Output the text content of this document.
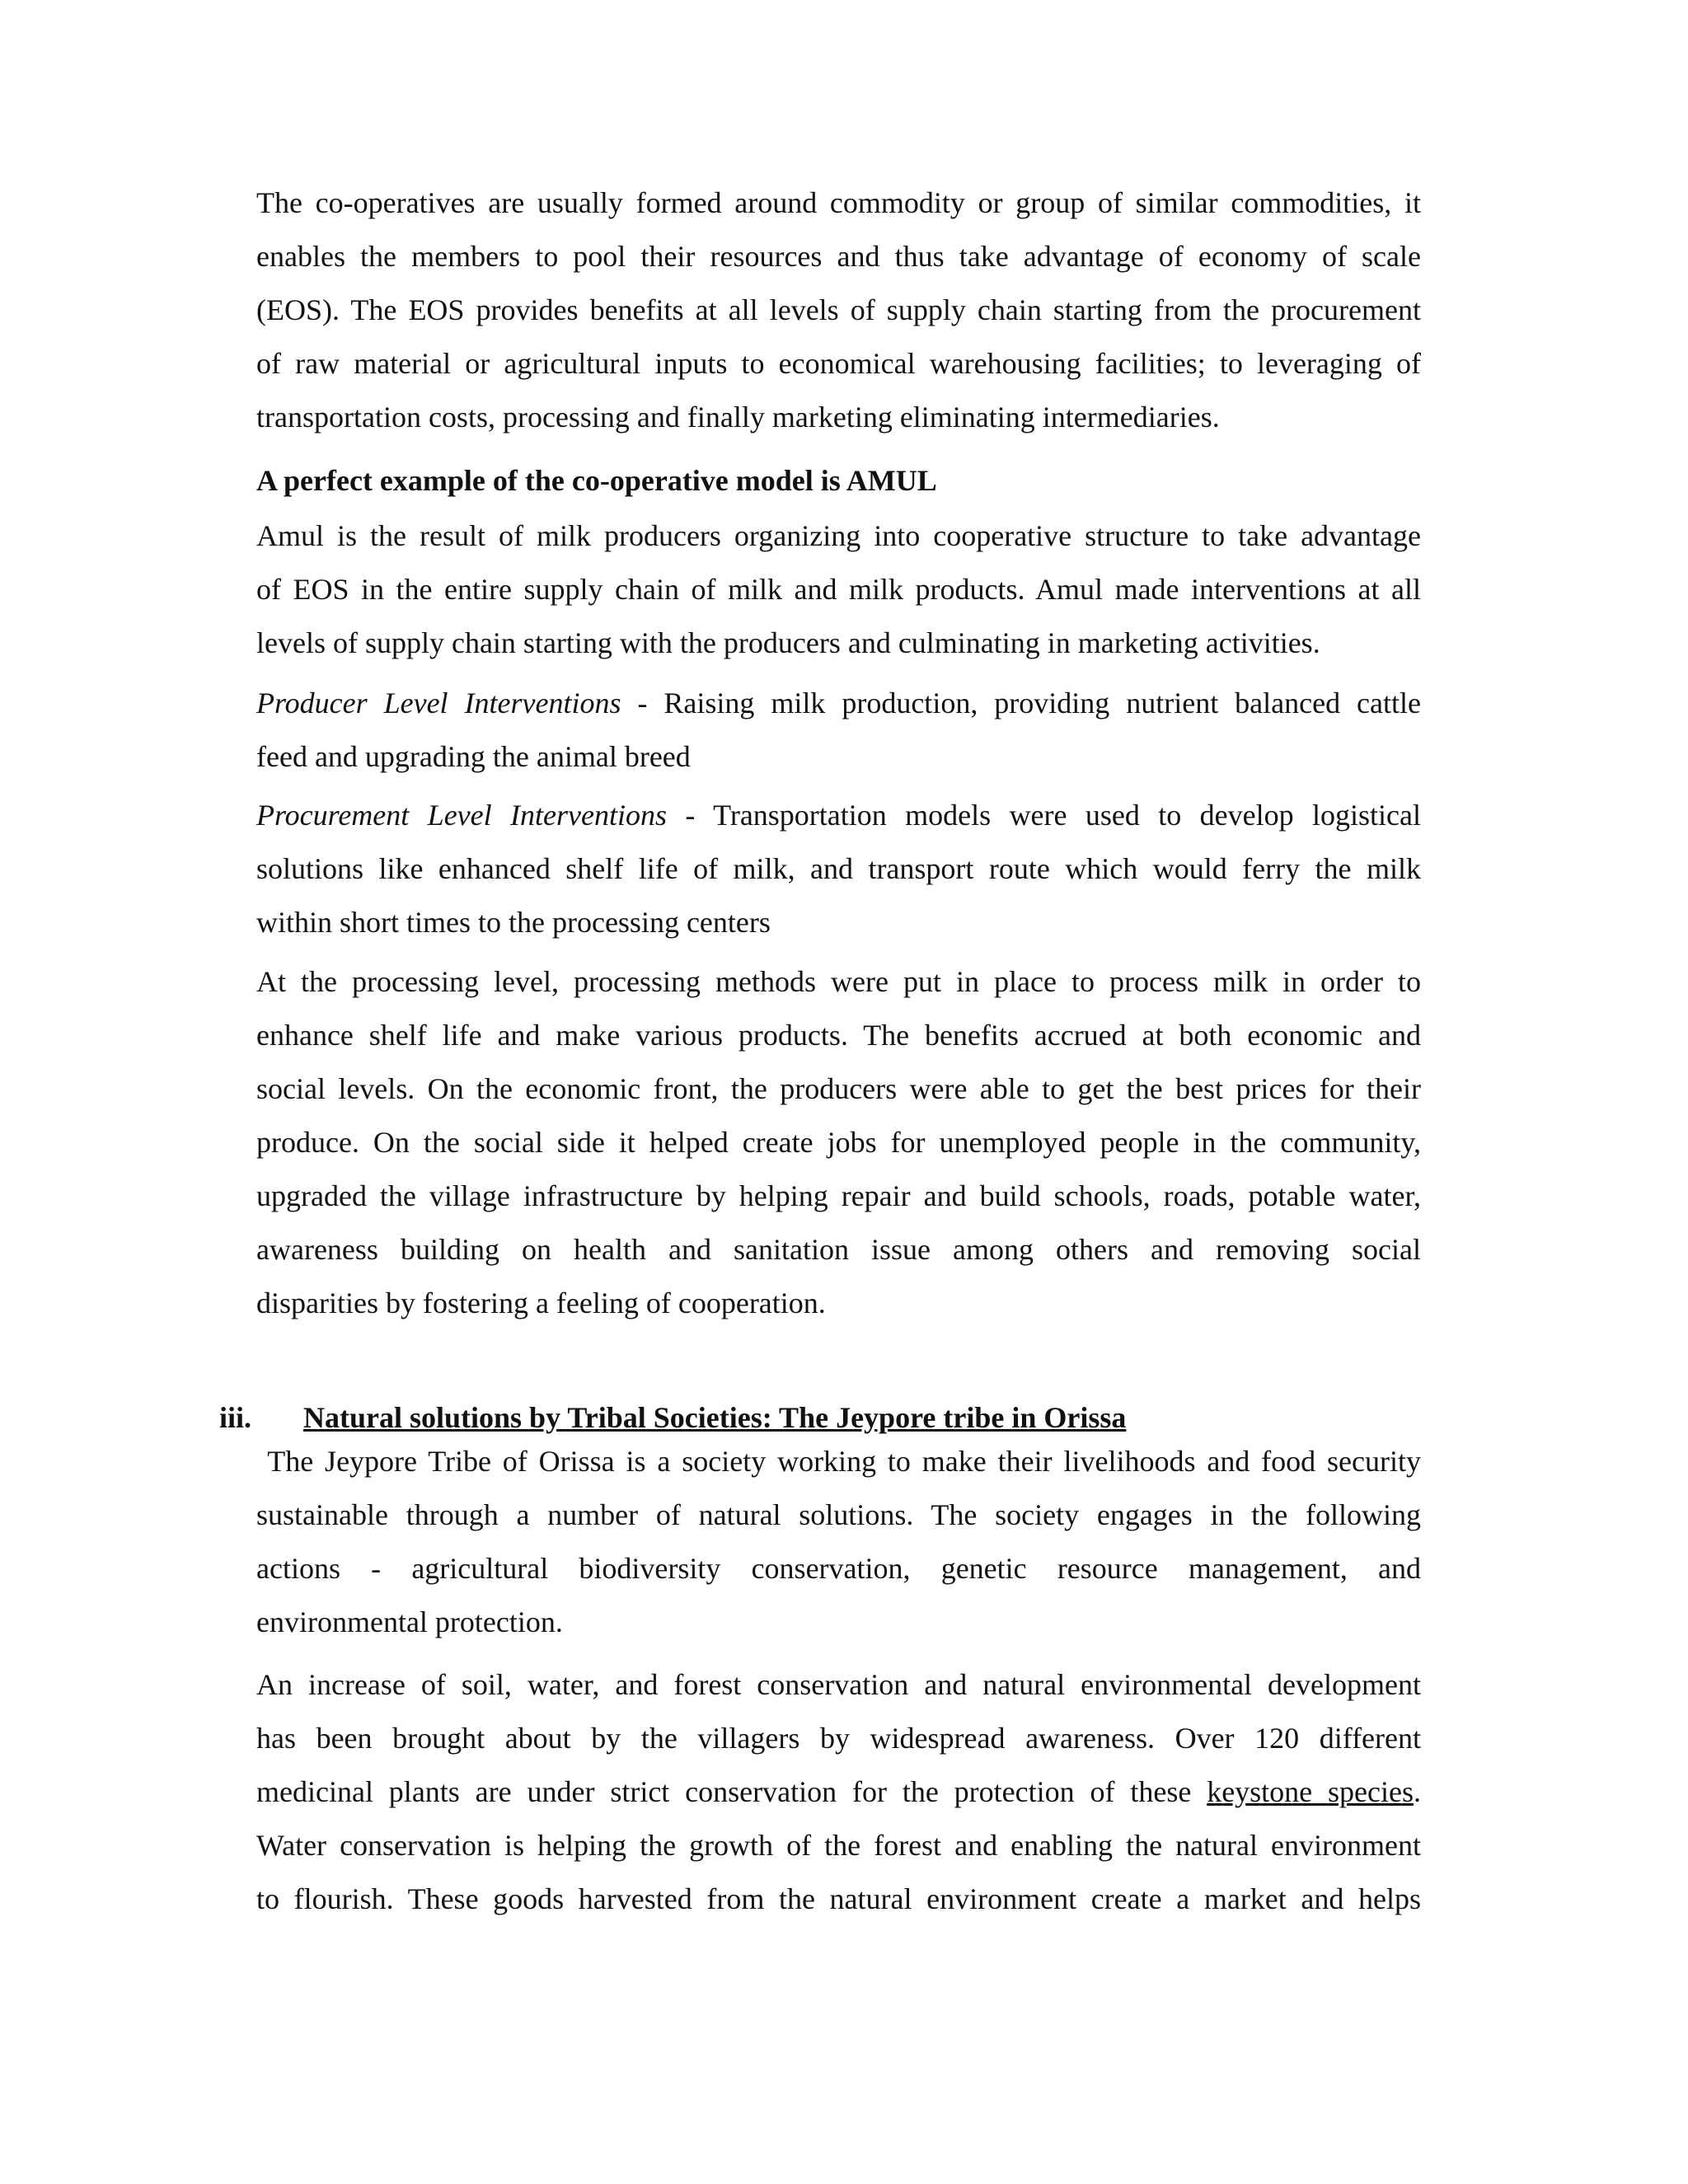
The co-operatives are usually formed around commodity or group of similar commodities, it
enables the members to pool their resources and thus take advantage of economy of scale
(EOS). The EOS provides benefits at all levels of supply chain starting from the procurement
of raw material or agricultural inputs to economical warehousing facilities; to leveraging of
transportation costs, processing and finally marketing eliminating intermediaries.
A perfect example of the co-operative model is AMUL
Amul is the result of milk producers organizing into cooperative structure to take advantage
of EOS in the entire supply chain of milk and milk products. Amul made interventions at all
levels of supply chain starting with the producers and culminating in marketing activities.
Producer Level Interventions - Raising milk production, providing nutrient balanced cattle
feed and upgrading the animal breed
Procurement Level Interventions - Transportation models were used to develop logistical
solutions like enhanced shelf life of milk, and transport route which would ferry the milk
within short times to the processing centers
At the processing level, processing methods were put in place to process milk in order to
enhance shelf life and make various products. The benefits accrued at both economic and
social levels. On the economic front, the producers were able to get the best prices for their
produce. On the social side it helped create jobs for unemployed people in the community,
upgraded the village infrastructure by helping repair and build schools, roads, potable water,
awareness building on health and sanitation issue among others and removing social
disparities by fostering a feeling of cooperation.
iii. Natural solutions by Tribal Societies: The Jeypore tribe in Orissa
The Jeypore Tribe of Orissa is a society working to make their livelihoods and food security
sustainable through a number of natural solutions. The society engages in the following
actions - agricultural biodiversity conservation, genetic resource management, and
environmental protection.
An increase of soil, water, and forest conservation and natural environmental development
has been brought about by the villagers by widespread awareness. Over 120 different
medicinal plants are under strict conservation for the protection of these keystone species.
Water conservation is helping the growth of the forest and enabling the natural environment
to flourish. These goods harvested from the natural environment create a market and helps
